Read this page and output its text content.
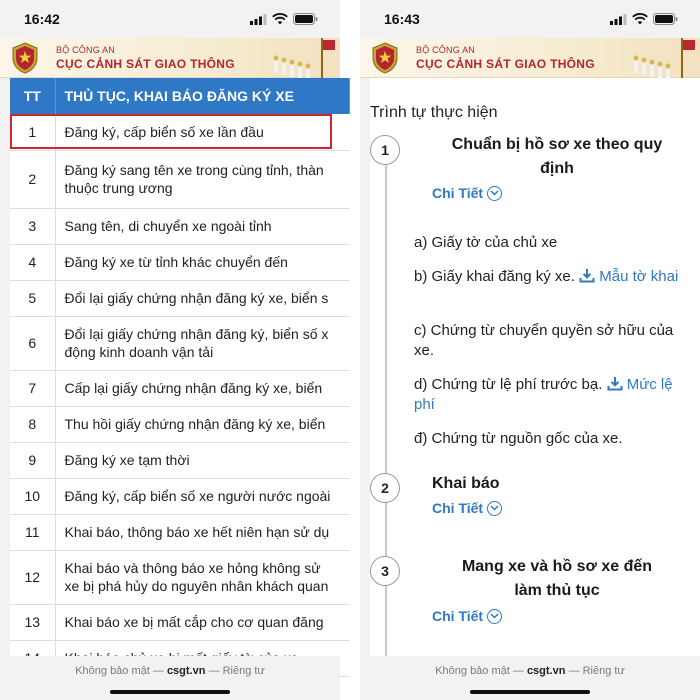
16:42
BỘ CÔNG AN
CỤC CẢNH SÁT GIAO THÔNG
TT	THỦ TỤC, KHAI BÁO ĐĂNG KÝ XE
1	Đăng ký, cấp biển số xe lần đầu
2	Đăng ký sang tên xe trong cùng tỉnh, thàn
thuộc trung ương

3	Sang tên, di chuyển xe ngoài tỉnh
4	Đăng ký xe từ tỉnh khác chuyển đến
5	Đổi lại giấy chứng nhận đăng ký xe, biển s
6	Đổi lại giấy chứng nhận đăng ký, biển số x
động kinh doanh vận tải

7	Cấp lại giấy chứng nhận đăng ký xe, biển
8	Thu hồi giấy chứng nhận đăng ký xe, biển
9	Đăng ký xe tạm thời
10	Đăng ký, cấp biển số xe người nước ngoài
11	Khai báo, thông báo xe hết niên hạn sử dụ
12	Khai báo và thông báo xe hỏng không sử
xe bị phá hủy do nguyên nhân khách quan

13	Khai báo xe bị mất cắp cho cơ quan đăng

Không bảo mật — csgt.vn — Riêng tư
16:43
BỘ CÔNG AN
CỤC CẢNH SÁT GIAO THÔNG
Trình tự thực hiện
1	Chuẩn bị hồ sơ xe theo quy
định
Chi Tiết
a) Giấy tờ của chủ xe
b) Giấy khai đăng ký xe. Mẫu tờ khai
c) Chứng từ chuyển quyền sở hữu của xe.
d) Chứng từ lệ phí trước bạ. Mức lệ phí
đ) Chứng từ nguồn gốc của xe.
2	Khai báo
Chi Tiết
3	Mang xe và hồ sơ xe đến
làm thủ tục
Chi Tiết
Không bảo mật — csgt.vn — Riêng tư
